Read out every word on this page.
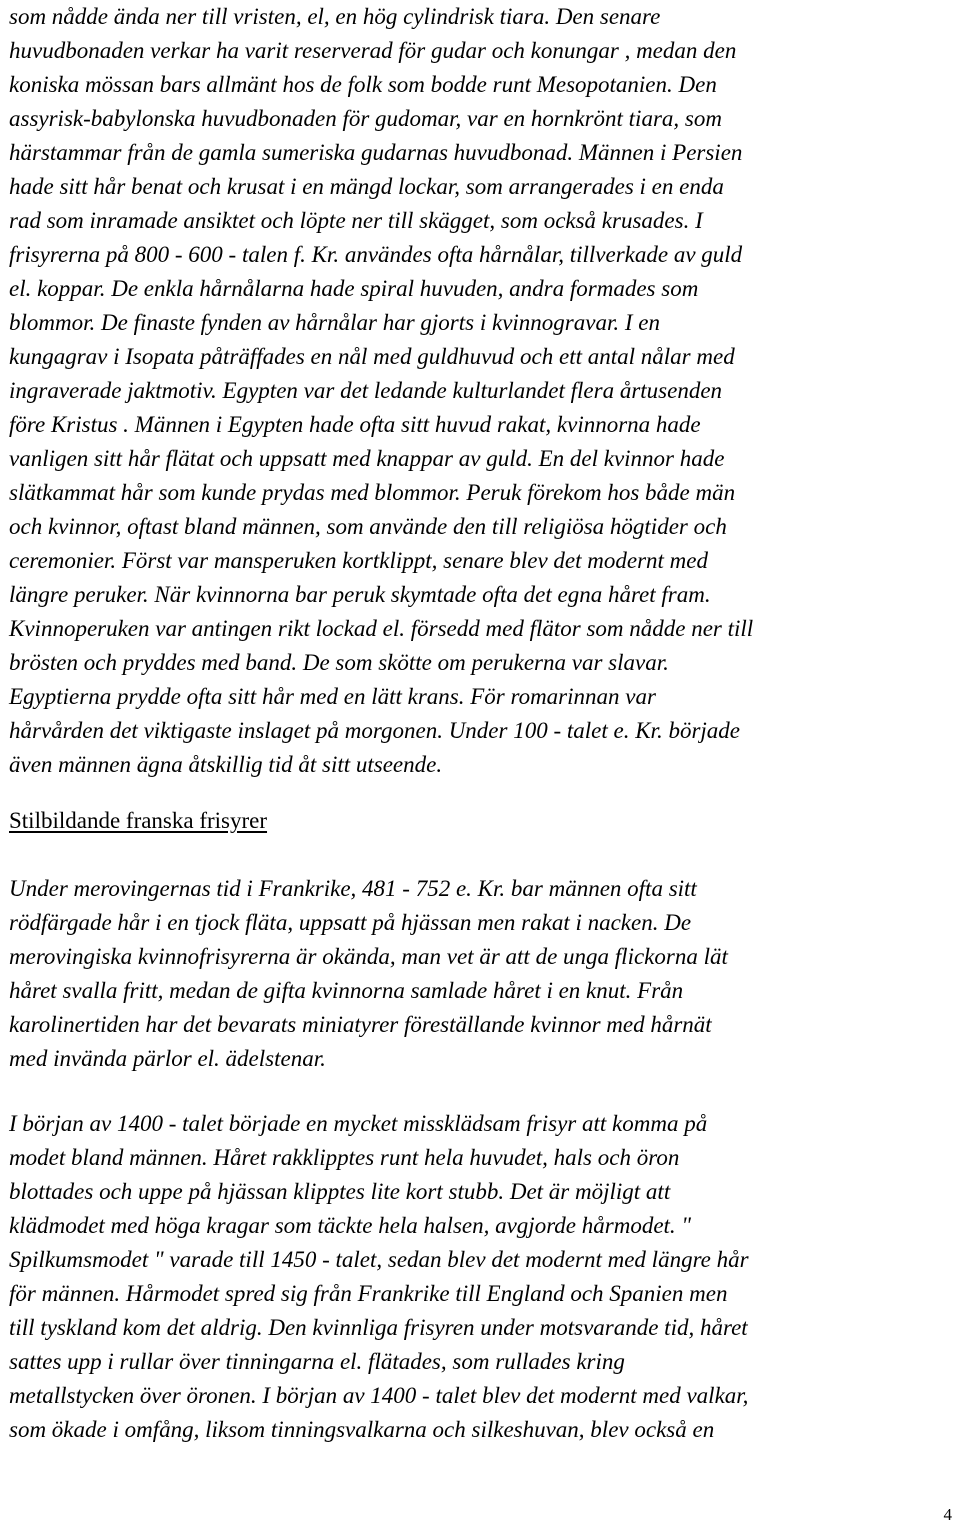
som nådde ända ner till vristen, el, en hög cylindrisk tiara. Den senare
huvudbonaden verkar ha varit reserverad för gudar och konungar , medan den
koniska mössan bars allmänt hos de folk som bodde runt Mesopotanien. Den
assyrisk-babylonska huvudbonaden för gudomar, var en hornkrönt tiara, som
härstammar från de gamla sumeriska gudarnas huvudbonad. Männen i Persien
hade sitt hår benat och krusat i en mängd lockar, som arrangerades i en enda
rad som inramade ansiktet och löpte ner till skägget, som också krusades. I
frisyrerna på 800 - 600 - talen f. Kr. användes ofta hårnålar, tillverkade av guld
el. koppar. De enkla hårnålarna hade spiral huvuden, andra formades som
blommor. De finaste fynden av hårnålar har gjorts i kvinnogravar. I en
kungagrav i Isopata påträffades en nål med guldhuvud och ett antal nålar med
ingraverade jaktmotiv. Egypten var det ledande kulturlandet flera årtusenden
före Kristus . Männen i Egypten hade ofta sitt huvud rakat, kvinnorna hade
vanligen sitt hår flätat och uppsatt med knappar av guld. En del kvinnor hade
slätkammat hår som kunde prydas med blommor. Peruk förekom hos både män
och kvinnor, oftast bland männen, som använde den till religiösa högtider och
ceremonier. Först var mansperuken kortklippt, senare blev det modernt med
längre peruker. När kvinnorna bar peruk skymtade ofta det egna håret fram.
Kvinnoperuken var antingen rikt lockad el. försedd med flätor som nådde ner till
brösten och pryddes med band. De som skötte om perukerna var slavar.
Egyptierna prydde ofta sitt hår med en lätt krans. För romarinnan var
hårvården det viktigaste inslaget på morgonen. Under 100 - talet e. Kr. började
även männen ägna åtskillig tid åt sitt utseende.
Stilbildande franska frisyrer
Under merovingernas tid i Frankrike, 481 - 752 e. Kr. bar männen ofta sitt
rödfärgade hår i en tjock fläta, uppsatt på hjässan men rakat i nacken. De
merovingiska kvinnofrisyrerna är okända, man vet är att de unga flickorna lät
håret svalla fritt, medan de gifta kvinnorna samlade håret i en knut. Från
karolinertiden har det bevarats miniatyrer föreställande kvinnor med hårnät
med invända pärlor el. ädelstenar.
I början av 1400 - talet började en mycket missklädsam frisyr att komma på
modet bland männen. Håret rakklipptes runt hela huvudet, hals och öron
blottades och uppe på hjässan klipptes lite kort stubb. Det är möjligt att
klädmodet med höga kragar som täckte hela halsen, avgjorde hårmodet. "
Spilkumsmodet " varade till 1450 - talet, sedan blev det modernt med längre hår
för männen. Hårmodet spred sig från Frankrike till England och Spanien men
till tyskland kom det aldrig. Den kvinnliga frisyren under motsvarande tid, håret
sattes upp i rullar över tinningarna el. flätades, som rullades kring
metallstycken över öronen. I början av 1400 - talet blev det modernt med valkar,
som ökade i omfång, liksom tinningsvalkarna och silkeshuvan, blev också en
4
